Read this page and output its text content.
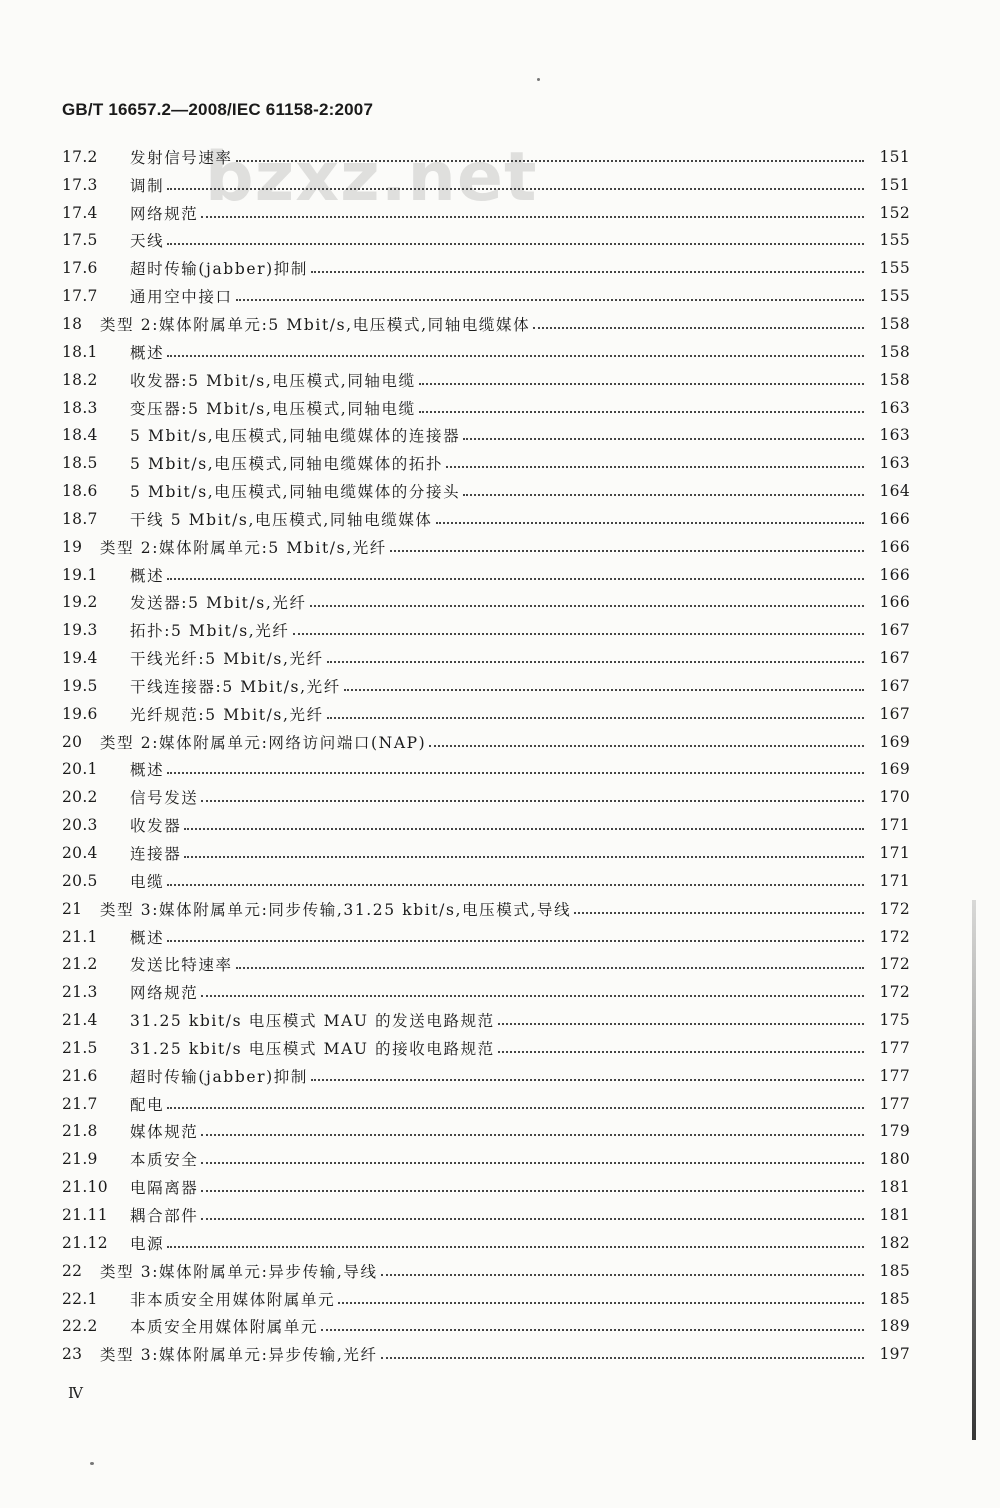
GB/T 16657.2—2008/IEC 61158-2:2007
bzxz.net
17.2	发射信号速率	151
17.3	调制	151
17.4	网络规范	152
17.5	天线	155
17.6	超时传输(jabber)抑制	155
17.7	通用空中接口	155
18	类型 2:媒体附属单元:5 Mbit/s,电压模式,同轴电缆媒体	158
18.1	概述	158
18.2	收发器:5 Mbit/s,电压模式,同轴电缆	158
18.3	变压器:5 Mbit/s,电压模式,同轴电缆	163
18.4	5 Mbit/s,电压模式,同轴电缆媒体的连接器	163
18.5	5 Mbit/s,电压模式,同轴电缆媒体的拓扑	163
18.6	5 Mbit/s,电压模式,同轴电缆媒体的分接头	164
18.7	干线 5 Mbit/s,电压模式,同轴电缆媒体	166
19	类型 2:媒体附属单元:5 Mbit/s,光纤	166
19.1	概述	166
19.2	发送器:5 Mbit/s,光纤	166
19.3	拓扑:5 Mbit/s,光纤	167
19.4	干线光纤:5 Mbit/s,光纤	167
19.5	干线连接器:5 Mbit/s,光纤	167
19.6	光纤规范:5 Mbit/s,光纤	167
20	类型 2:媒体附属单元:网络访问端口(NAP)	169
20.1	概述	169
20.2	信号发送	170
20.3	收发器	171
20.4	连接器	171
20.5	电缆	171
21	类型 3:媒体附属单元:同步传输,31.25 kbit/s,电压模式,导线	172
21.1	概述	172
21.2	发送比特速率	172
21.3	网络规范	172
21.4	31.25 kbit/s 电压模式 MAU 的发送电路规范	175
21.5	31.25 kbit/s 电压模式 MAU 的接收电路规范	177
21.6	超时传输(jabber)抑制	177
21.7	配电	177
21.8	媒体规范	179
21.9	本质安全	180
21.10	电隔离器	181
21.11	耦合部件	181
21.12	电源	182
22	类型 3:媒体附属单元:异步传输,导线	185
22.1	非本质安全用媒体附属单元	185
22.2	本质安全用媒体附属单元	189
23	类型 3:媒体附属单元:异步传输,光纤	197
Ⅳ
